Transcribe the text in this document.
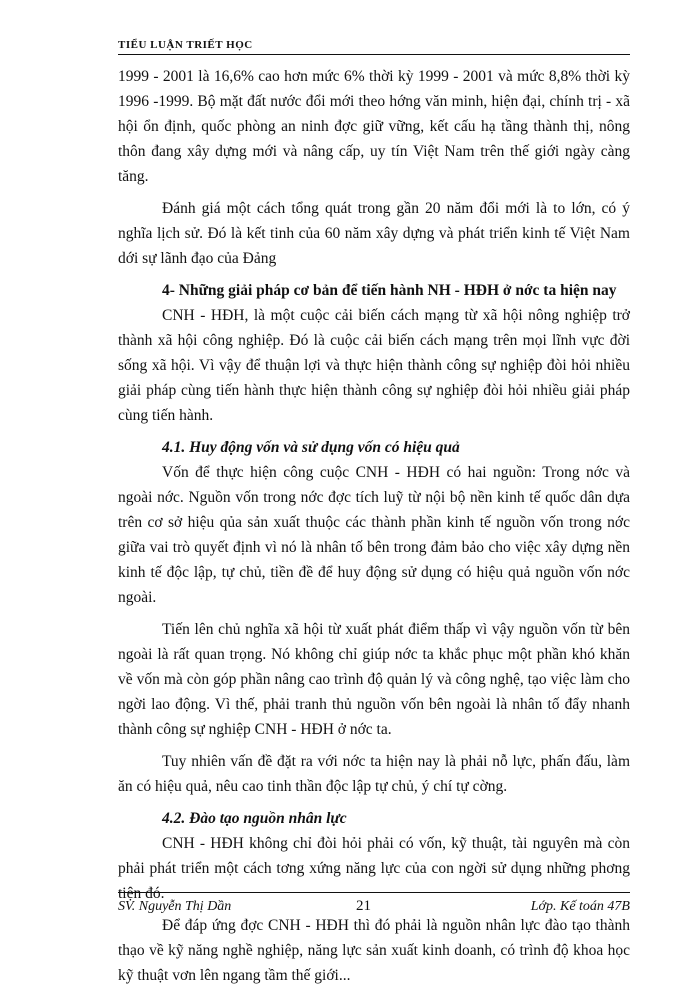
TIỂU LUẬN TRIẾT HỌC

1999 - 2001 là 16,6% cao hơn mức 6% thời kỳ 1999 - 2001 và mức 8,8% thời kỳ 1996 -1999. Bộ mặt đất nước đổi mới theo hớng văn minh, hiện đại, chính trị - xã hội ổn định, quốc phòng an ninh đợc giữ vững, kết cấu hạ tầng thành thị, nông thôn đang xây dựng mới và nâng cấp, uy tín Việt Nam trên thế giới ngày càng tăng.

Đánh giá một cách tổng quát trong gần 20 năm đổi mới là to lớn, có ý nghĩa lịch sử. Đó là kết tinh của 60 năm xây dựng và phát triển kinh tế Việt Nam dới sự lãnh đạo của Đảng

4- Những giải pháp cơ bản để tiến hành NH - HĐH ở nớc ta hiện nay

CNH - HĐH, là một cuộc cải biến cách mạng từ xã hội nông nghiệp trở thành xã hội công nghiệp. Đó là cuộc cải biến cách mạng trên mọi lĩnh vực đời sống xã hội. Vì vậy để thuận lợi và thực hiện thành công sự nghiệp đòi hỏi nhiều giải pháp cùng tiến hành thực hiện thành công sự nghiệp đòi hỏi nhiều giải pháp cùng tiến hành.

4.1. Huy động vốn và sử dụng vốn có hiệu quả

Vốn để thực hiện công cuộc CNH - HĐH có hai nguồn: Trong nớc và ngoài nớc. Nguồn vốn trong nớc đợc tích luỹ từ nội bộ nền kinh tế quốc dân dựa trên cơ sở hiệu qủa sản xuất thuộc các thành phần kinh tế nguồn vốn trong nớc giữa vai trò quyết định vì nó là nhân tố bên trong đảm bảo cho việc xây dựng nền kinh tế độc lập, tự chủ, tiền đề để huy động sử dụng có hiệu quả nguồn vốn nớc ngoài.

Tiến lên chủ nghĩa xã hội từ xuất phát điểm thấp vì vậy nguồn vốn từ bên ngoài là rất quan trọng. Nó không chỉ giúp nớc ta khắc phục một phần khó khăn về vốn mà còn góp phần nâng cao trình độ quản lý và công nghệ, tạo việc làm cho ngời lao động. Vì thế, phải tranh thủ nguồn vốn bên ngoài là nhân tố đẩy nhanh thành công sự nghiệp CNH - HĐH ở nớc ta.

Tuy nhiên vấn đề đặt ra với nớc ta hiện nay là phải nỗ lực, phấn đấu, làm ăn có hiệu quả, nêu cao tinh thần độc lập tự chủ, ý chí tự cờng.

4.2. Đào tạo nguồn nhân lực

CNH - HĐH không chỉ đòi hỏi phải có vốn, kỹ thuật, tài nguyên mà còn phải phát triển một cách tơng xứng năng lực của con ngời sử dụng những phơng tiện đó.

Để đáp ứng đợc CNH - HĐH thì đó phải là nguồn nhân lực đào tạo thành thạo về kỹ năng nghề nghiệp, năng lực sản xuất kinh doanh, có trình độ khoa học kỹ thuật vơn lên ngang tầm thế giới...

SV. Nguyễn Thị Dần	21	Lớp. Kế toán 47B
